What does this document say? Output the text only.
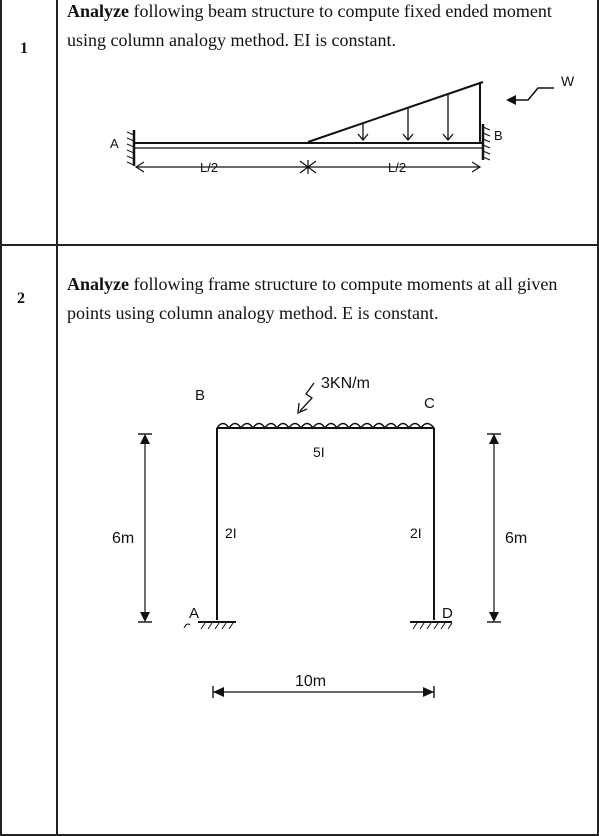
1
Analyze following beam structure to compute fixed ended moment using column analogy method. EI is constant.
A
B
W
L/2	L/2
2
Analyze following frame structure to compute moments at all given points using column analogy method. E is constant.
3KN/m
B	C
A	D
5I
2I	2I
6m	6m
10m
